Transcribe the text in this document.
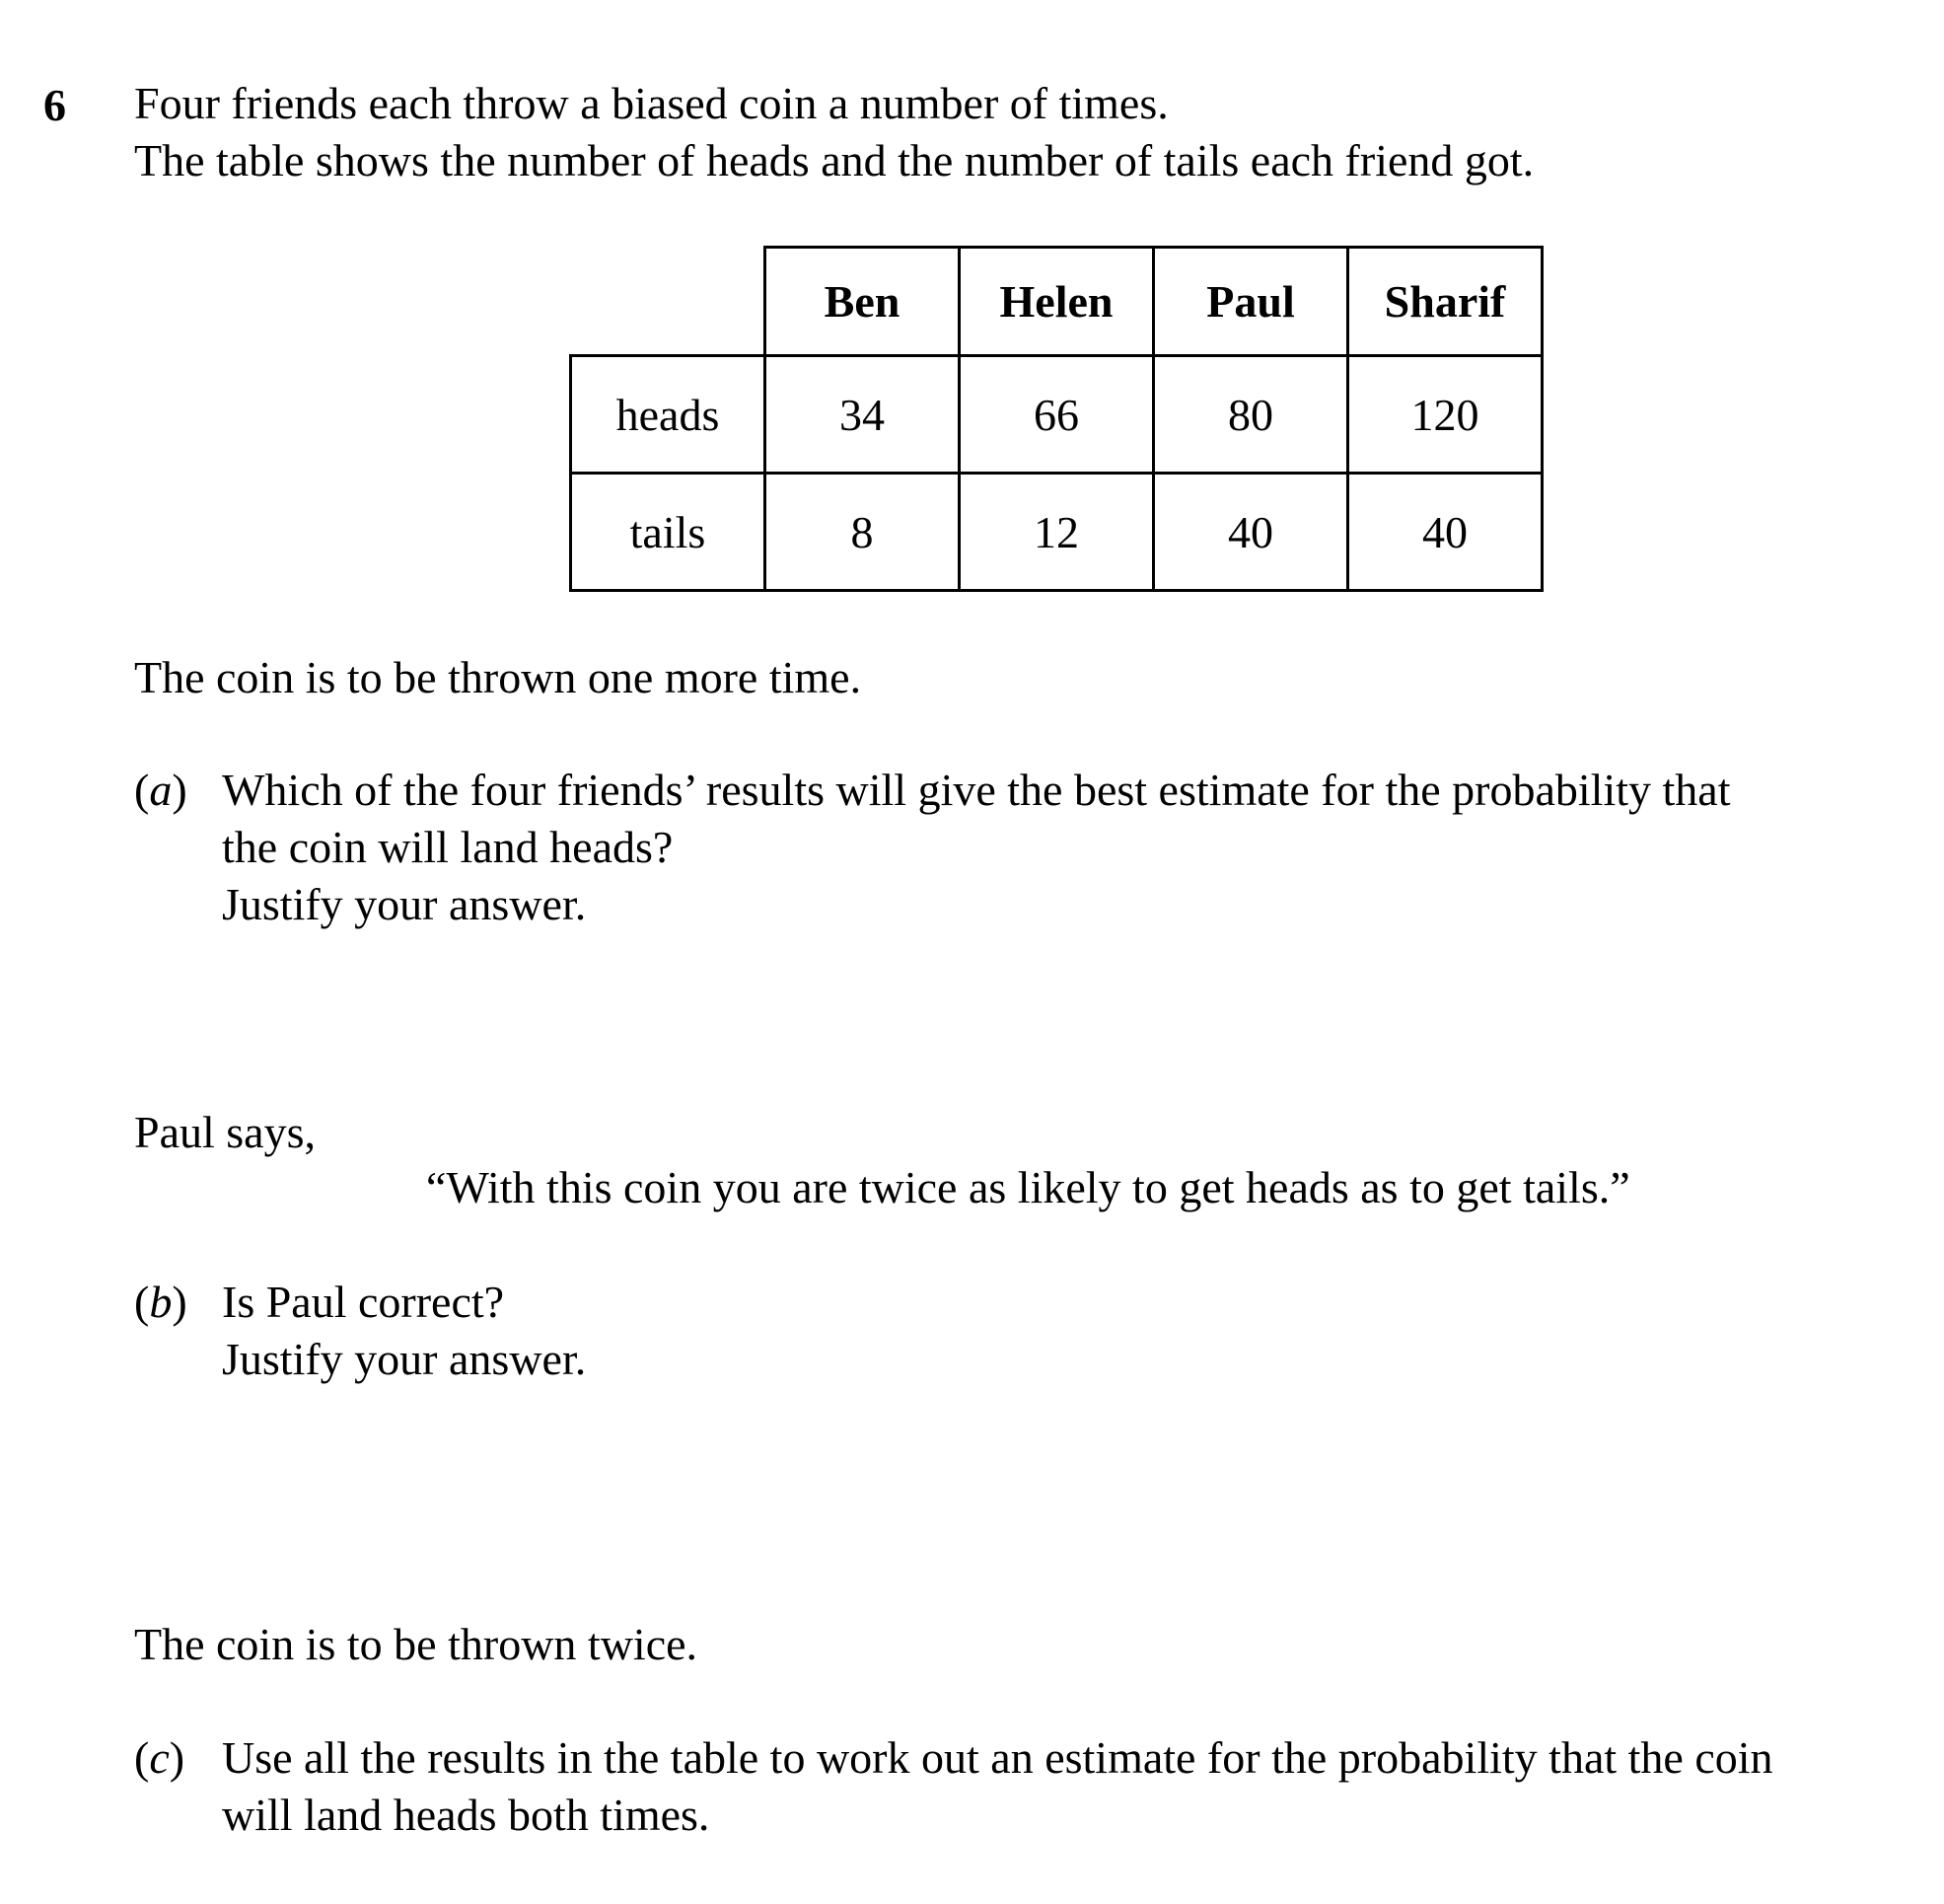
6 Four friends each throw a biased coin a number of times.
The table shows the number of heads and the number of tails each friend got.
	Ben	Helen	Paul	Sharif
heads	34	66	80	120
tails	8	12	40	40
The coin is to be thrown one more time.
(a) Which of the four friends’ results will give the best estimate for the probability that
the coin will land heads?
Justify your answer.
Paul says,
“With this coin you are twice as likely to get heads as to get tails.”
(b) Is Paul correct?
Justify your answer.
The coin is to be thrown twice.
(c) Use all the results in the table to work out an estimate for the probability that the coin
will land heads both times.
